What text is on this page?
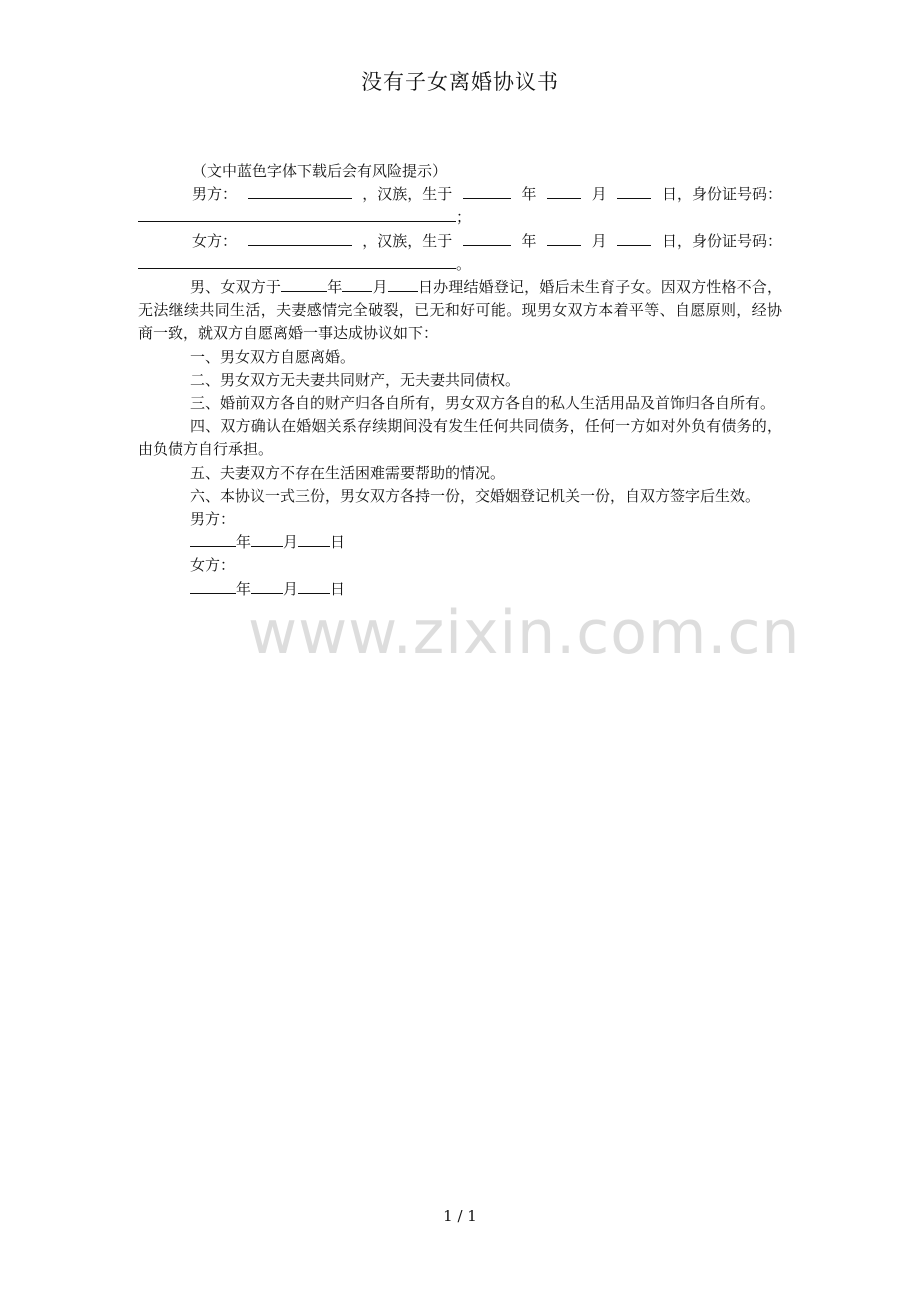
没有子女离婚协议书
（文中蓝色字体下载后会有风险提示）
男方：	，汉族，生于	年	月	日，身份证号码：
；
女方：	，汉族，生于	年	月	日，身份证号码：
。

男、女双方于	年 月 日办理结婚登记，婚后未生育子女。因双方性格不合，无法继续共同生活，夫妻感情完全破裂，已无和好可能。现男女双方本着平等、自愿原则，经协商一致，就双方自愿离婚一事达成协议如下：

一、男女双方自愿离婚。

二、男女双方无夫妻共同财产，无夫妻共同债权。

三、婚前双方各自的财产归各自所有，男女双方各自的私人生活用品及首饰归各自所有。

四、双方确认在婚姻关系存续期间没有发生任何共同债务，任何一方如对外负有债务的，由负债方自行承担。

五、夫妻双方不存在生活困难需要帮助的情况。

六、本协议一式三份，男女双方各持一份，交婚姻登记机关一份，自双方签字后生效。

男方：
年 月 日
女方：
年 月 日
www.zixin.com.cn
1 / 1
